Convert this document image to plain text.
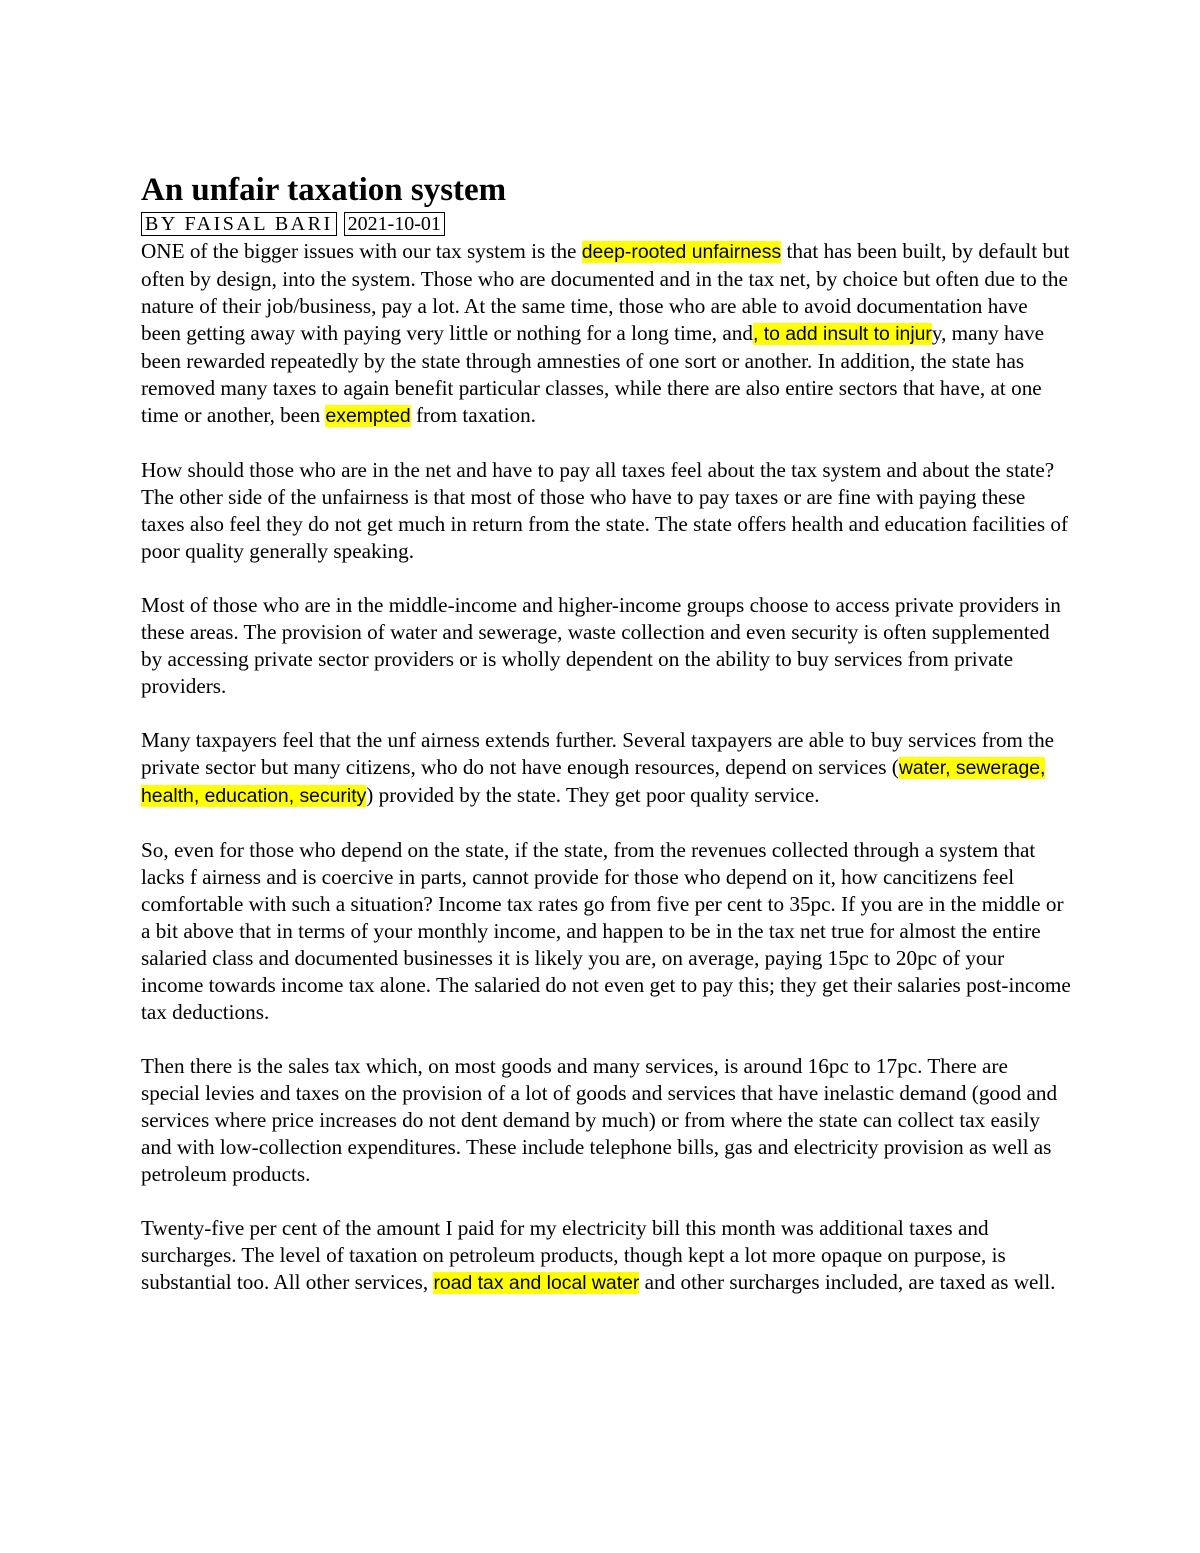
An unfair taxation system
BY FAISAL BARI 2021-10-01

ONE of the bigger issues with our tax system is the deep-rooted unfairness that has been built, by default but often by design, into the system. Those who are documented and in the tax net, by choice but often due to the nature of their job/business, pay a lot. At the same time, those who are able to avoid documentation have been getting away with paying very little or nothing for a long time, and, to add insult to injury, many have been rewarded repeatedly by the state through amnesties of one sort or another. In addition, the state has removed many taxes to again benefit particular classes, while there are also entire sectors that have, at one time or another, been exempted from taxation.

How should those who are in the net and have to pay all taxes feel about the tax system and about the state? The other side of the unfairness is that most of those who have to pay taxes or are fine with paying these taxes also feel they do not get much in return from the state. The state offers health and education facilities of poor quality generally speaking.

Most of those who are in the middle-income and higher-income groups choose to access private providers in these areas. The provision of water and sewerage, waste collection and even security is often supplemented by accessing private sector providers or is wholly dependent on the ability to buy services from private providers.

Many taxpayers feel that the unf airness extends further. Several taxpayers are able to buy services from the private sector but many citizens, who do not have enough resources, depend on services (water, sewerage, health, education, security) provided by the state. They get poor quality service.

So, even for those who depend on the state, if the state, from the revenues collected through a system that lacks f airness and is coercive in parts, cannot provide for those who depend on it, how cancitizens feel comfortable with such a situation? Income tax rates go from five per cent to 35pc. If you are in the middle or a bit above that in terms of your monthly income, and happen to be in the tax net true for almost the entire salaried class and documented businesses it is likely you are, on average, paying 15pc to 20pc of your income towards income tax alone. The salaried do not even get to pay this; they get their salaries post-income tax deductions.

Then there is the sales tax which, on most goods and many services, is around 16pc to 17pc. There are special levies and taxes on the provision of a lot of goods and services that have inelastic demand (good and services where price increases do not dent demand by much) or from where the state can collect tax easily and with low-collection expenditures. These include telephone bills, gas and electricity provision as well as petroleum products.

Twenty-five per cent of the amount I paid for my electricity bill this month was additional taxes and surcharges. The level of taxation on petroleum products, though kept a lot more opaque on purpose, is substantial too. All other services, road tax and local water and other surcharges included, are taxed as well.
